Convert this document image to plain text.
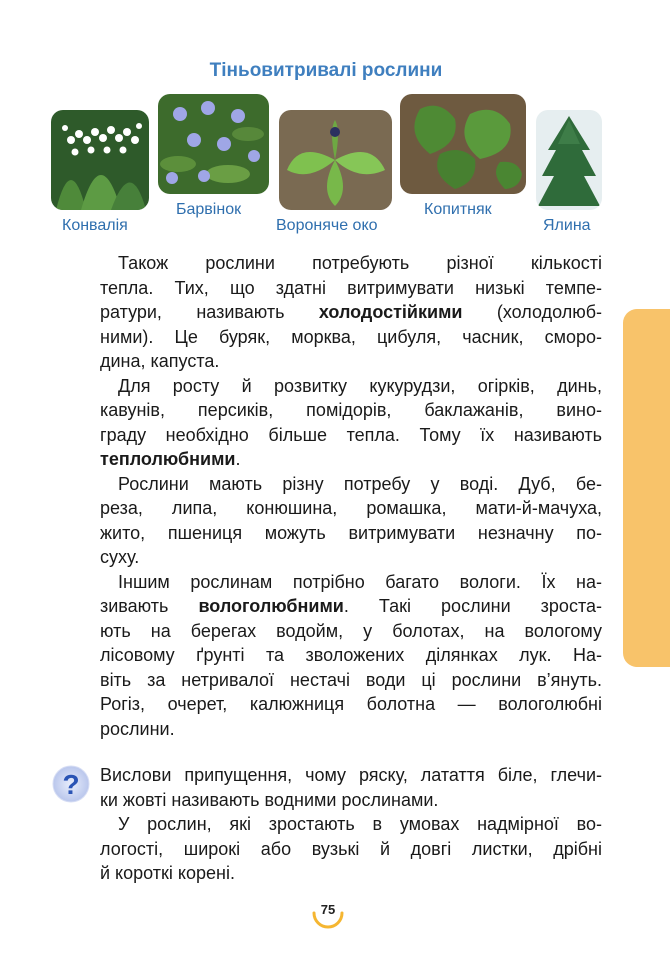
Тіньовитривалі рослини
Конвалія
Барвінок
Вороняче око
Копитняк
Ялина
Також рослини потребують різної кількості
тепла. Тих, що здатні витримувати низькі темпе-
ратури, називають холодостійкими (холодолюб-
ними). Це буряк, морква, цибуля, часник, сморо-
дина, капуста.
Для росту й розвитку кукурудзи, огірків, динь,
кавунів, персиків, помідорів, баклажанів, вино-
граду необхідно більше тепла. Тому їх називають
теплолюбними.
Рослини мають різну потребу у воді. Дуб, бе-
реза, липа, конюшина, ромашка, мати-й-мачуха,
жито, пшениця можуть витримувати незначну по-
суху.
Іншим рослинам потрібно багато вологи. Їх на-
зивають вологолюбними. Такі рослини зроста-
ють на берегах водойм, у болотах, на вологому
лісовому ґрунті та зволожених ділянках лук. На-
віть за нетривалої нестачі води ці рослини в’януть.
Рогіз, очерет, калюжниця болотна — вологолюбні
рослини.
? Вислови припущення, чому ряску, латаття біле, глечи-
ки жовті називають водними рослинами.
У рослин, які зростають в умовах надмірної во-
логості, широкі або вузькі й довгі листки, дрібні
й короткі корені.
75
